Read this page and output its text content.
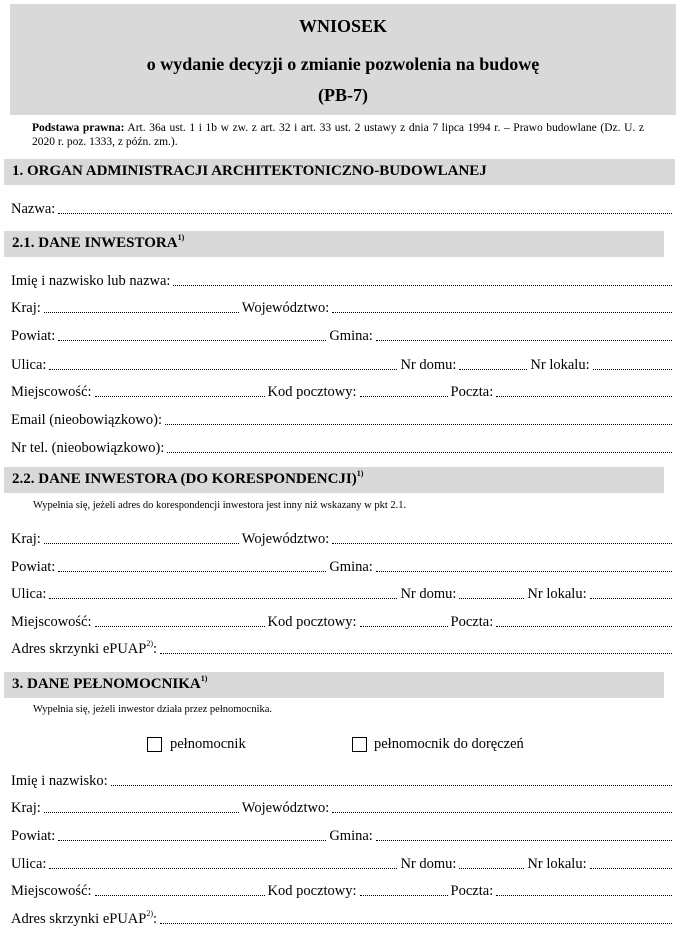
WNIOSEK
o wydanie decyzji o zmianie pozwolenia na budowę
(PB-7)
Podstawa prawna: Art. 36a ust. 1 i 1b w zw. z art. 32 i art. 33 ust. 2 ustawy z dnia 7 lipca 1994 r. – Prawo budowlane (Dz. U. z 2020 r. poz. 1333, z późn. zm.).
1. ORGAN ADMINISTRACJI ARCHITEKTONICZNO-BUDOWLANEJ
Nazwa:
2.1. DANE INWESTORA$^{1)}$
Imię i nazwisko lub nazwa:
Kraj:	Województwo:
Powiat:	Gmina:
Ulica:	Nr domu:	Nr lokalu:
Miejscowość:	Kod pocztowy:	Poczta:
Email (nieobowiązkowo):
Nr tel. (nieobowiązkowo):
2.2. DANE INWESTORA (DO KORESPONDENCJI)$^{1)}$
Wypełnia się, jeżeli adres do korespondencji inwestora jest inny niż wskazany w pkt 2.1.
Kraj:	Województwo:
Powiat:	Gmina:
Ulica:	Nr domu:	Nr lokalu:
Miejscowość:	Kod pocztowy:	Poczta:
Adres skrzynki ePUAP$^{2)}$:
3. DANE PEŁNOMOCNIKA$^{1)}$
Wypełnia się, jeżeli inwestor działa przez pełnomocnika.
pełnomocnik	pełnomocnik do doręczeń
Imię i nazwisko:
Kraj:	Województwo:
Powiat:	Gmina:
Ulica:	Nr domu:	Nr lokalu:
Miejscowość:	Kod pocztowy:	Poczta:
Adres skrzynki ePUAP$^{2)}$:
